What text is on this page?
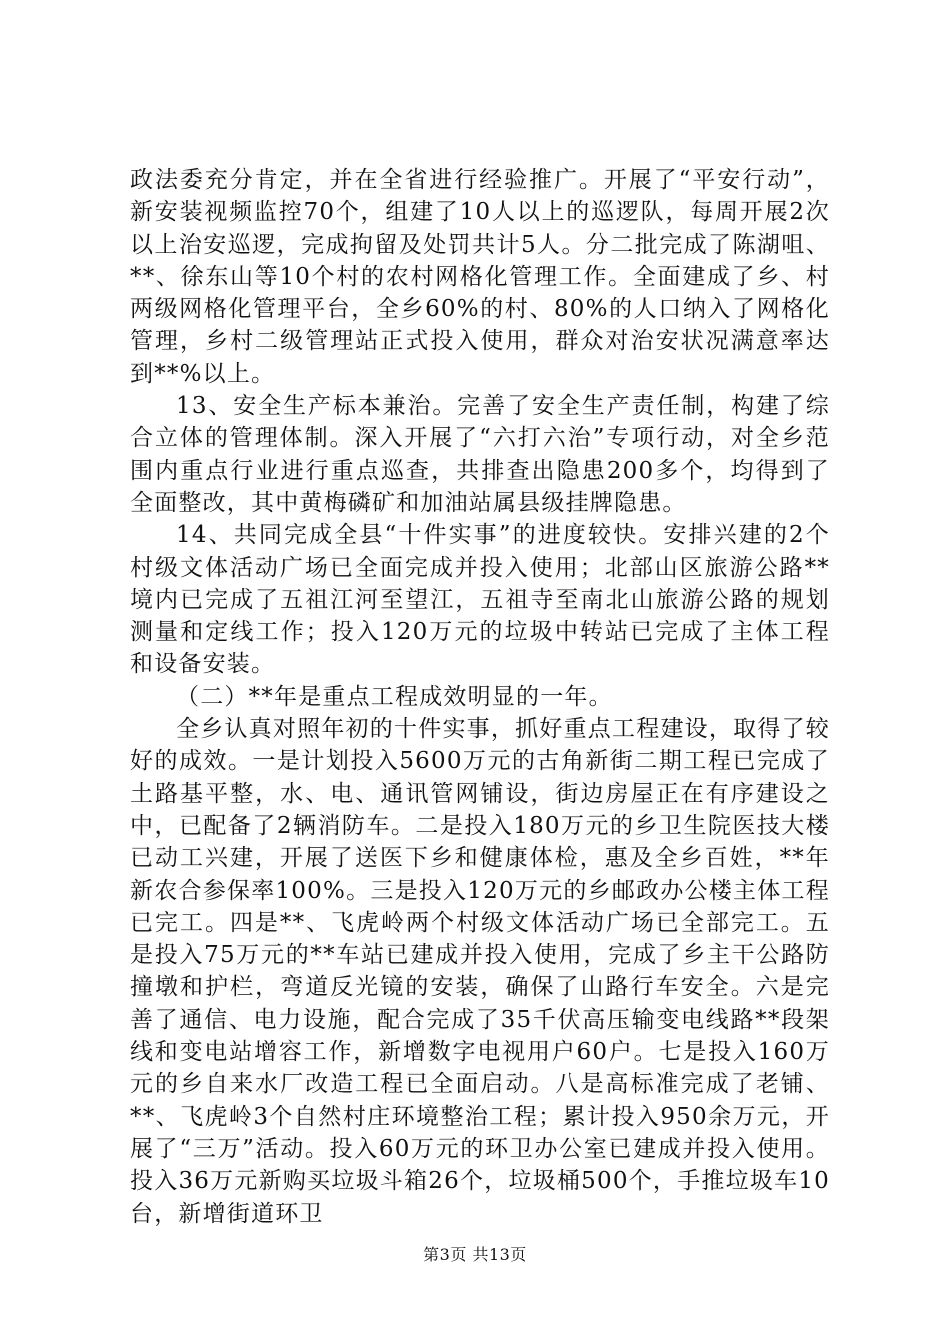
政法委充分肯定，并在全省进行经验推广。开展了“平安行动”，新安装视频监控70个，组建了10人以上的巡逻队，每周开展2次以上治安巡逻，完成拘留及处罚共计5人。分二批完成了陈湖咀、**、徐东山等10个村的农村网格化管理工作。全面建成了乡、村两级网格化管理平台，全乡60%的村、80%的人口纳入了网格化管理，乡村二级管理站正式投入使用，群众对治安状况满意率达到**%以上。

13、安全生产标本兼治。完善了安全生产责任制，构建了综合立体的管理体制。深入开展了“六打六治”专项行动，对全乡范围内重点行业进行重点巡查，共排查出隐患200多个，均得到了全面整改，其中黄梅磷矿和加油站属县级挂牌隐患。

14、共同完成全县“十件实事”的进度较快。安排兴建的2个村级文体活动广场已全面完成并投入使用；北部山区旅游公路**境内已完成了五祖江河至望江，五祖寺至南北山旅游公路的规划测量和定线工作；投入120万元的垃圾中转站已完成了主体工程和设备安装。

（二）**年是重点工程成效明显的一年。

全乡认真对照年初的十件实事，抓好重点工程建设，取得了较好的成效。一是计划投入5600万元的古角新街二期工程已完成了土路基平整，水、电、通讯管网铺设，街边房屋正在有序建设之中，已配备了2辆消防车。二是投入180万元的乡卫生院医技大楼已动工兴建，开展了送医下乡和健康体检，惠及全乡百姓，**年新农合参保率100%。三是投入120万元的乡邮政办公楼主体工程已完工。四是**、飞虎岭两个村级文体活动广场已全部完工。五是投入75万元的**车站已建成并投入使用，完成了乡主干公路防撞墩和护栏，弯道反光镜的安装，确保了山路行车安全。六是完善了通信、电力设施，配合完成了35千伏高压输变电线路**段架线和变电站增容工作，新增数字电视用户60户。七是投入160万元的乡自来水厂改造工程已全面启动。八是高标准完成了老铺、**、飞虎岭3个自然村庄环境整治工程；累计投入950余万元，开展了“三万”活动。投入60万元的环卫办公室已建成并投入使用。投入36万元新购买垃圾斗箱26个，垃圾桶500个，手推垃圾车10台，新增街道环卫

第3页 共13页
